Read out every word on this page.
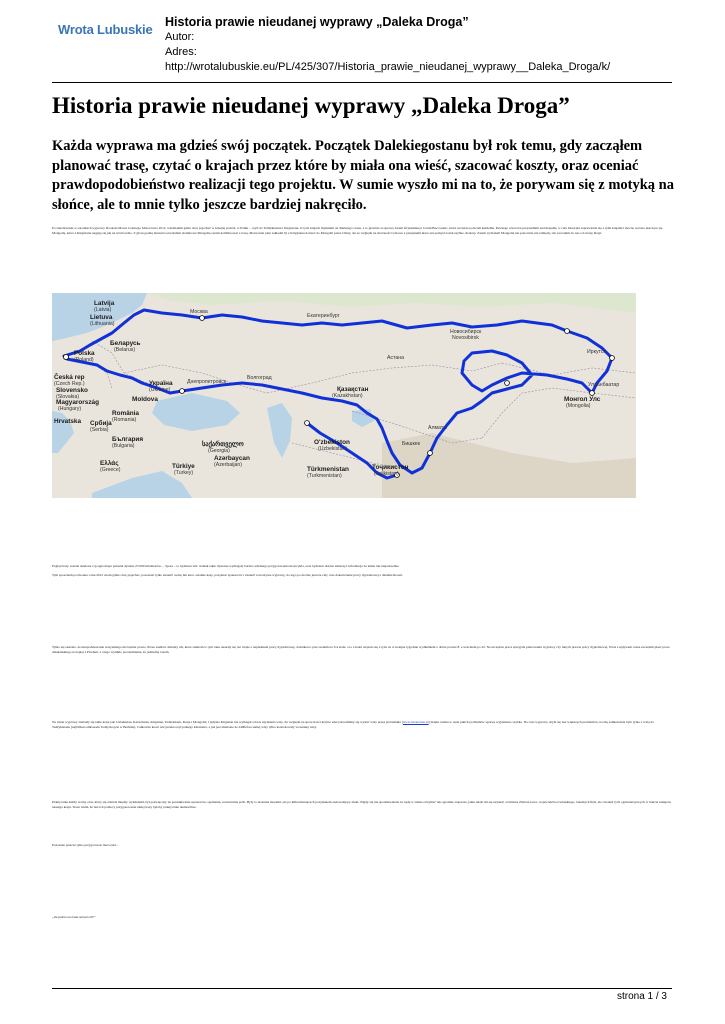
Wrota Lubuskie Historia prawie nieudanej wyprawy „Daleka Droga”
Autor:
Adres:
http://wrotalubuskie.eu/PL/425/307/Historia_prawie_nieudanej_wyprawy__Daleka_Droga/k/
Historia prawie nieudanej wyprawy „Daleka Droga”

Każda wyprawa ma gdzieś swój początek. Początek Dalekiegostanu był rok temu, gdy zacząłem planować trasę, czytać o krajach przez które by miała ona wieść, szacować koszty, oraz oceniać prawdopodobieństwo realizacji tego projektu. W sumie wyszło mi na to, że porywam się z motyką na słońce, ale to mnie tylko jeszcze bardziej nakręciło.

Po zakończeniu w ośrodkach wyprawy Dookoła Morza Czarnego Motorówno 2012, wiedziałem gdzie chcę pojechać w kolejną podróż, w Pamir – czyli do Tadżykistanu i Kirgistanu. O tych krajach myślałem od dłuższego czasu, a to głównie za sprawą forum afrykańskiej i forum Bez Granic, które szczerze polecam każdemu. Pewnego wieczoru przysiadłem nad mapami, w celu historyki zaprawienia się z tymi krajami i mocno uczono skaczące się Mongolią, które z Kirgistanu sięgają się jak na wisi bardzo. Z głową pełną marzeń rozważałem dodatkowe Mongolię razem kombinować z trasą. Pierwotnie plan zakładał by z Kirgistanu dotrzeć do Mongolii przez Chiny, ale ze względu na złożoności wizowe a przepisami które ten pomysł został szybko obalony. Zatem wybrałem Mongolię nie ponownie nie tamtędy, tak wracałem do nas od strony Rosji.

Latvija
(Latvia)
Lietuva
(Lithuania)
Москва
Беларусь
(Belarus)
Polska
(Poland)
Česká rep
(Czech Rep.)
Slovensko
(Slovakia)
Magyarország
(Hungary)
Україна
(Ukraine)
Moldova
România
(Romania)
Србија
(Serbia)
Hrvatska
България
(Bulgaria)
Ελλάς
(Greece)	Türkiye
(Turkey)
საქართველო
(Georgia)
Azərbaycan
(Azerbaijan)
Қазақстан
(Kazakhstan)
O'zbekiston
(Uzbekistan)
Türkmenistan
(Turkmenistan)
Тоҷикистон
(Tajikistan)
Монгол Улс
(Mongolia)
Новосибирск
Novosibirsk
Астана
Алматы
Бишкек
Днепропетровск
Волгоград
Екатеринбург
Иркутск
Улаанбаатар

Pogląd trasy została ustalona z google mapa pokazał dystans 25 000 kilometrów… Spore – to bydziesz szli. Jednak takie dystanse wymagały bardzo solidnego przygotowania motocykla, oraz bydziesz dobrze zmierzyć informacje na temat tak niepotrzebne.

Tym sposobem pod koniec roku 2012 wiem gdzie chcę pojechać, pozostało tylko znaleźć osobę lub ktoś, ostatnie kasy, pozyskać sponsorów i znaleźć towarzysza wyprawy, do tego po drodze jeszcze cały czas dokończenie pracy dyplomowej z dziadka Rosati.

Tylko się okazało, że niespodziewanie wszystkiego nie będzie prosto. Przez studiów dzienny ich, które studiom w tym roku okazały się raz wiąże z napisaniem pracy dyplomowej, dodatkowo pracowałem na 3/4 etatu, a to z kolei wiązało się z tym, że w kolejne tygodnie wydłużałem o dobre prawie 8, a wracałem po 22. Na szczęście praca sprzyjała planowaniu wyprawy czy innych prawie pracy dyplomowej. Wraz z upływem czasu zaczęłam pisać prace dziekańskiego na lepiej z Pawłem, z czego wynikło porozumienie, że jedziemy razem.

Na trasie wyprawy znalazły się takie kraje jak: Uzbekistan, Kazachstan, Kirgistan, Tadżykistan, Rosja i Mongolia; i jedynie Kirgistan nie wymagał od nas uzyskania wizy. Ze względu na spore ilości krajów zdecydowaliśmy się wysłać wizy przez pośrednika (www.wizatotour.pl) dzięki czemu w razie jakich problemów sprawę wyjaśniono szybko. Na czas wyprawy obyła się bez większych problemów, trochę zamieszania było tylko z wizą do Tadżykistanu (najbliższa ambasada Tadżycka jest w Berlinie). Całkowite koszt wiz przekroczył jednego kilometra, a już jest złudzone że 2400zł na samej wizy tylko kontrolowały wczesniej wizy.

Praktycznie każdy wolny czas, który się zdarzał między wykładami, był poświęcony na poszukiwanie sponsorów, spotkania, zostawianie prób. Były to złożenie mozaiki, ale po kilku miesiącach pozyskałem zadowalający efekt. Nigdy się nie spodziewałem, że będę w stanie otrzymać tak ogromne wsparcie, jakie udało mi się uzyskać od miasta Zielona Góra, województwa Lubuskiego, lokalnych firm, ale również tych ogólnokrajowych w trakcie zakupów naszego kraju. Teraz wiem, że bez ich pomocy przygotowanie takiej trasy byłoby praktycznie niemożliwe.

Pozostało jeszcze tylko przygotować motocykl…

„Za poźno na mata samym źli!”

strona 1 / 3
